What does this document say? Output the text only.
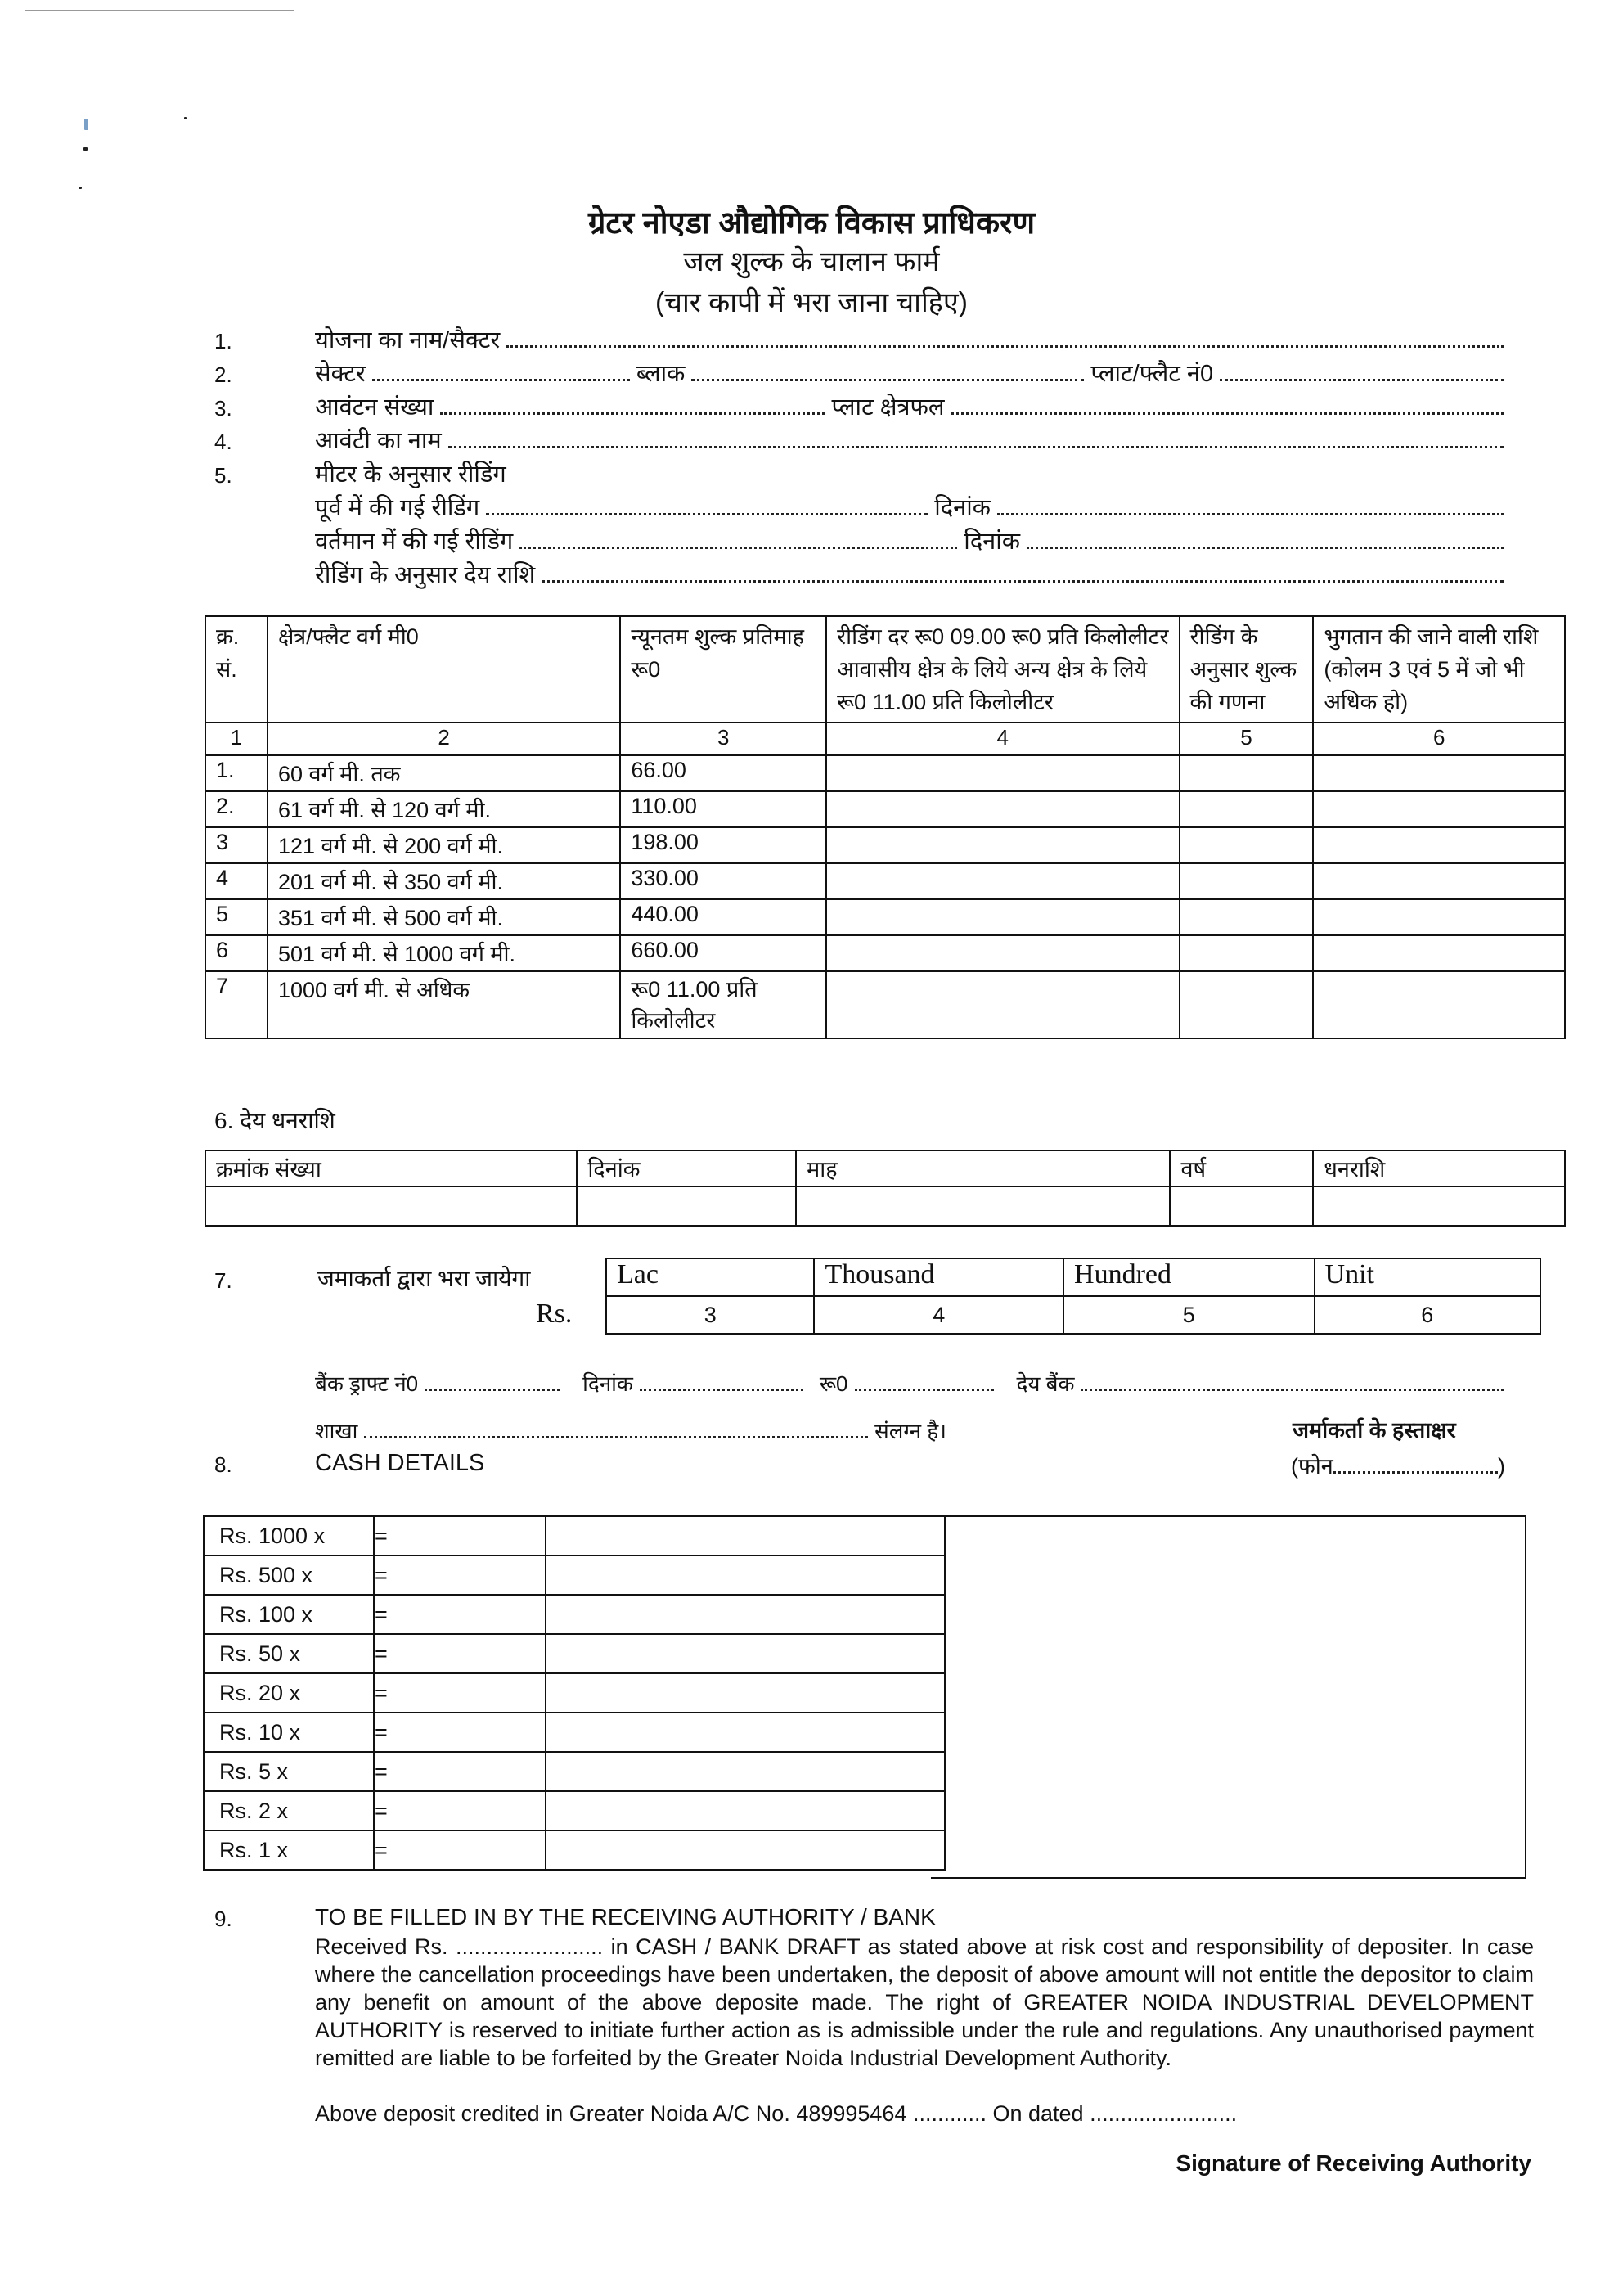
ग्रेटर नोएडा औद्योगिक विकास प्राधिकरण
जल शुल्क के चालान फार्म
(चार कापी में भरा जाना चाहिए)
1.	योजना का नाम/सैक्टर
2.	सेक्टर	ब्लाक	प्लाट/फ्लैट नं0
3.	आवंटन संख्या	प्लाट क्षेत्रफल
4.	आवंटी का नाम
5.	मीटर के अनुसार रीडिंग
पूर्व में की गई रीडिंग	दिनांक
वर्तमान में की गई रीडिंग	दिनांक
रीडिंग के अनुसार देय राशि
क्र. सं.	क्षेत्र/फ्लैट वर्ग मी0	न्यूनतम शुल्क प्रतिमाह रू0	रीडिंग दर रू0 09.00 रू0 प्रति किलोलीटर आवासीय क्षेत्र के लिये अन्य क्षेत्र के लिये रू0 11.00 प्रति किलोलीटर	रीडिंग के अनुसार शुल्क की गणना	भुगतान की जाने वाली राशि (कोलम 3 एवं 5 में जो भी अधिक हो)
1	2	3	4	5	6
1.	60 वर्ग मी. तक	66.00			
2.	61 वर्ग मी. से 120 वर्ग मी.	110.00			
3	121 वर्ग मी. से 200 वर्ग मी.	198.00			
4	201 वर्ग मी. से 350 वर्ग मी.	330.00			
5	351 वर्ग मी. से 500 वर्ग मी.	440.00			
6	501 वर्ग मी. से 1000 वर्ग मी.	660.00			
7	1000 वर्ग मी. से अधिक	रू0 11.00 प्रति किलोलीटर			
6. देय धनराशि
क्रमांक संख्या	दिनांक	माह	वर्ष	धनराशि

7.	जमाकर्ता द्वारा भरा जायेगा
Rs.
Lac	Thousand	Hundred	Unit
3	4	5	6
बैंक ड्राफ्ट नं0	दिनांक	रू0	देय बैंक
शाखा	संलग्न है।	जर्माकर्ता के हस्ताक्षर
(फोन	)
8.	CASH DETAILS
Rs. 1000 x	=	
Rs. 500 x	=	
Rs. 100 x	=	
Rs. 50 x	=	
Rs. 20 x	=	
Rs. 10 x	=	
Rs. 5 x	=	
Rs. 2 x	=	
Rs. 1 x	=	
9.	TO BE FILLED IN BY THE RECEIVING AUTHORITY / BANK
Received Rs. ........................ in CASH / BANK DRAFT as stated above at risk cost and responsibility of depositer. In case where the cancellation proceedings have been undertaken, the deposit of above amount will not entitle the depositor to claim any benefit on amount of the above deposite made. The right of GREATER NOIDA INDUSTRIAL DEVELOPMENT AUTHORITY is reserved to initiate further action as is admissible under the rule and regulations. Any unauthorised payment remitted are liable to be forfeited by the Greater Noida Industrial Development Authority.
Above deposit credited in Greater Noida A/C No. 489995464 ............ On dated ........................
Signature of Receiving Authority
